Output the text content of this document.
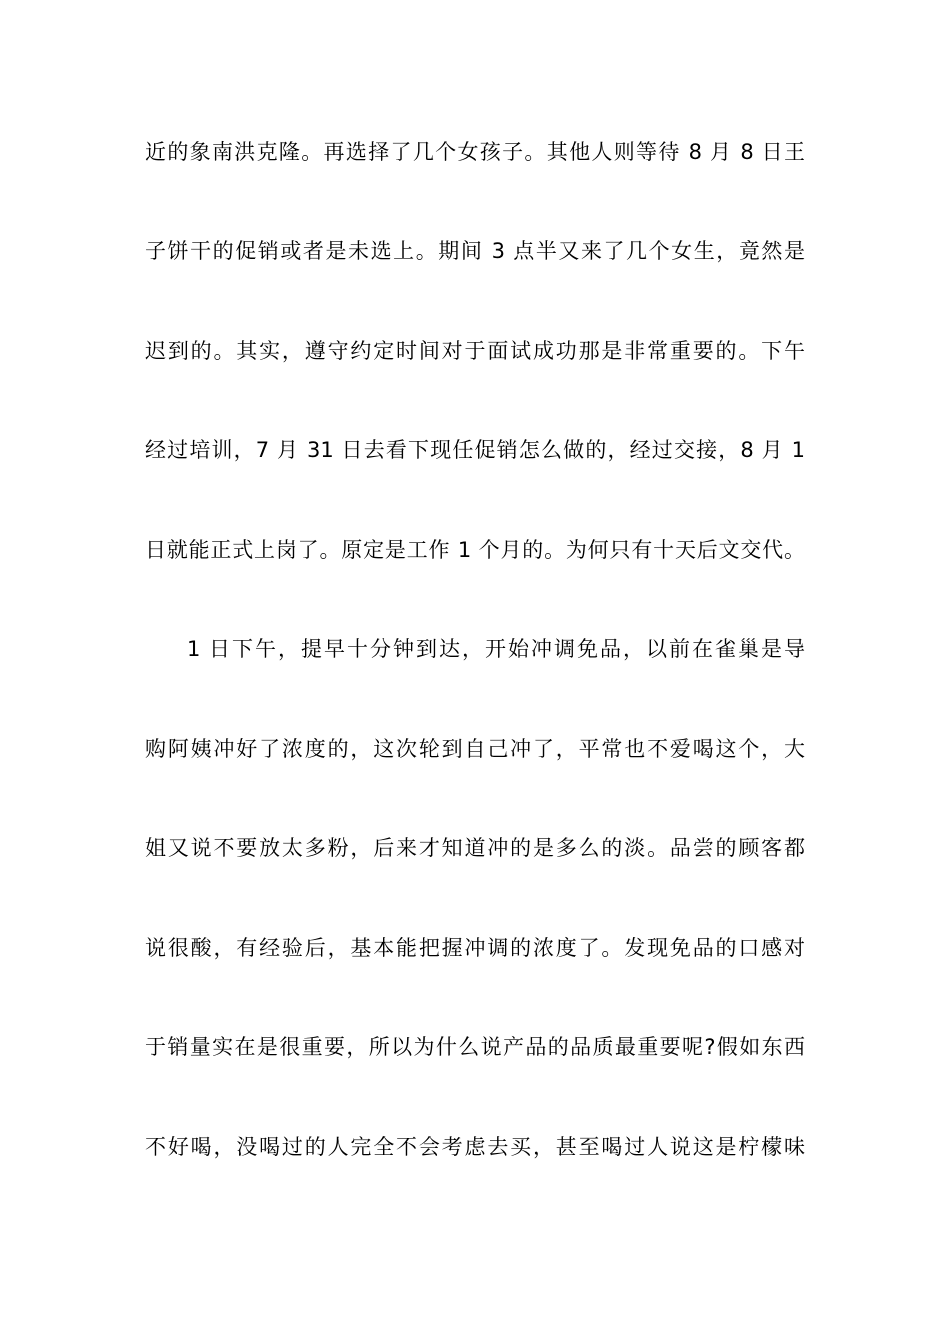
近的象南洪克隆。再选择了几个女孩子。其他人则等待 8 月 8 日王
子饼干的促销或者是未选上。期间 3 点半又来了几个女生，竟然是
迟到的。其实，遵守约定时间对于面试成功那是非常重要的。下午
经过培训，7 月 31 日去看下现任促销怎么做的，经过交接，8 月 1
日就能正式上岗了。原定是工作 1 个月的。为何只有十天后文交代。
1 日下午，提早十分钟到达，开始冲调免品，以前在雀巢是导
购阿姨冲好了浓度的，这次轮到自己冲了，平常也不爱喝这个，大
姐又说不要放太多粉，后来才知道冲的是多么的淡。品尝的顾客都
说很酸，有经验后，基本能把握冲调的浓度了。发现免品的口感对
于销量实在是很重要，所以为什么说产品的品质最重要呢?假如东西
不好喝，没喝过的人完全不会考虑去买，甚至喝过人说这是柠檬味
